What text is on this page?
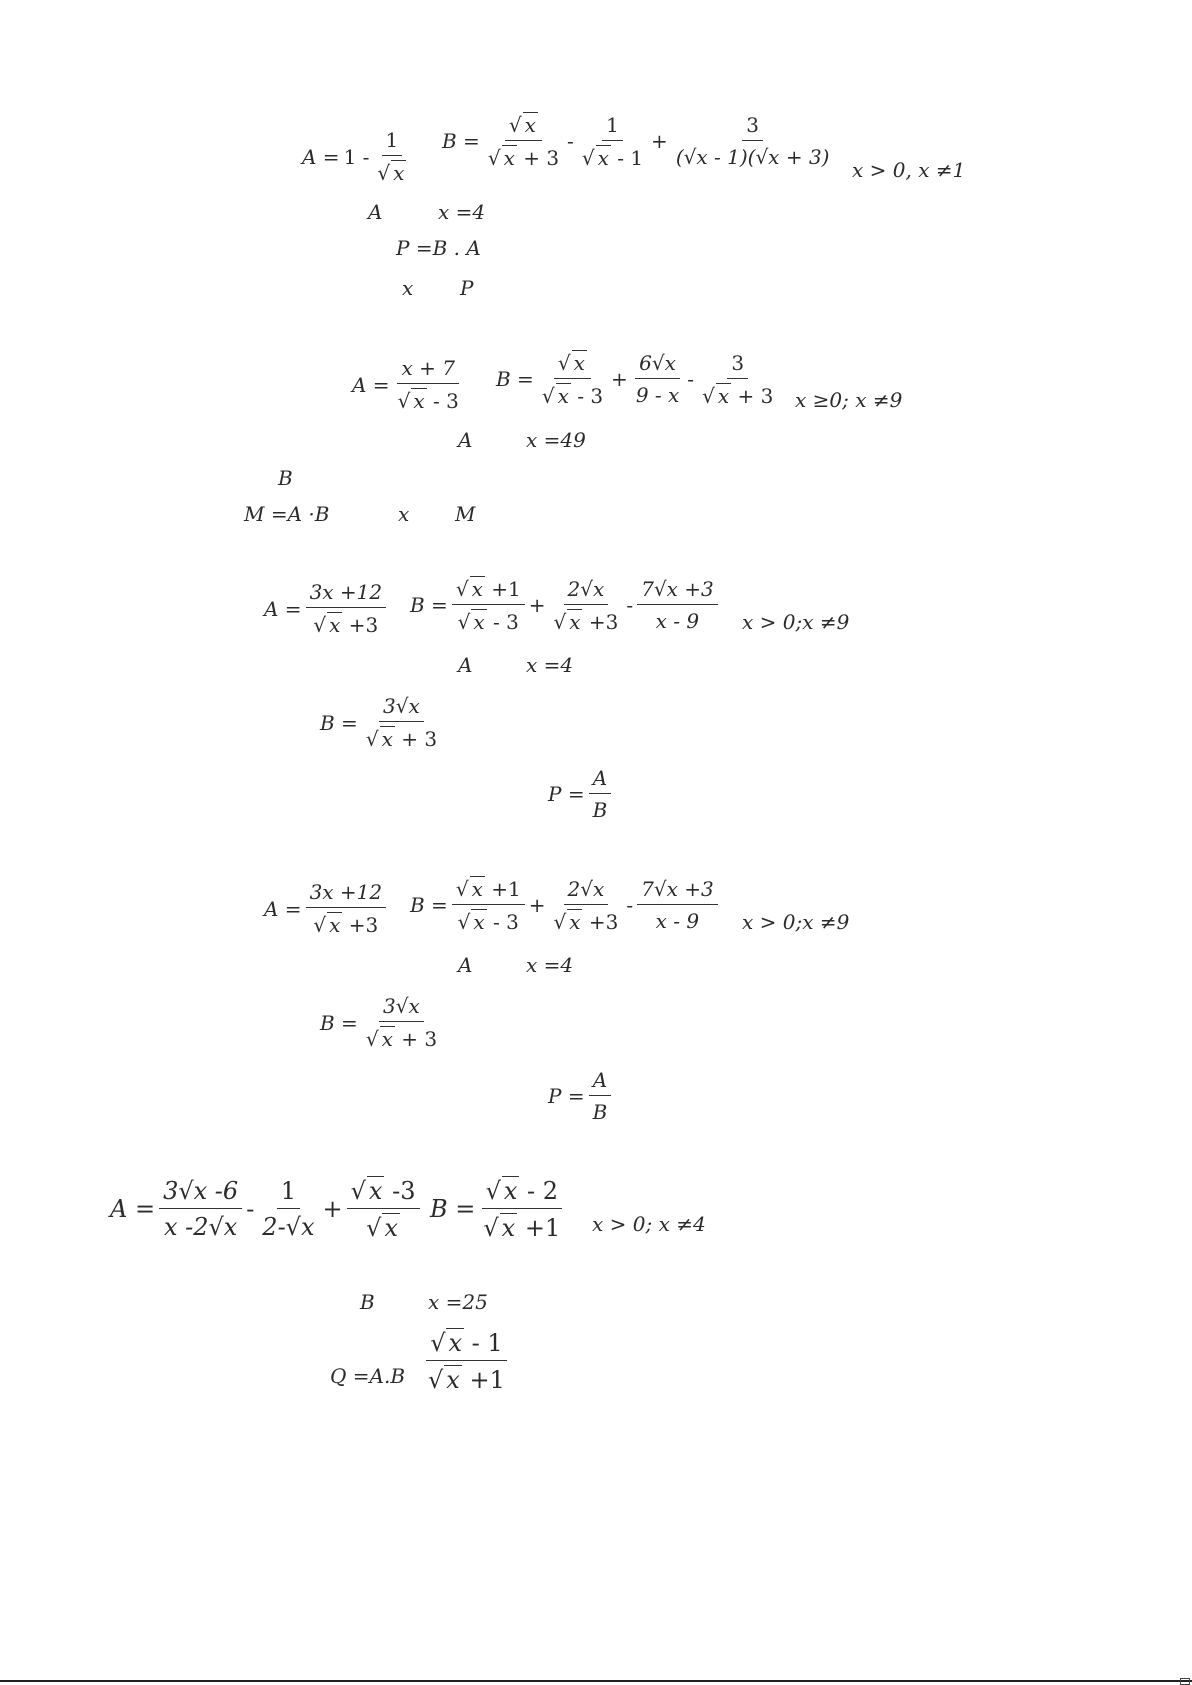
$A = 1 - \frac{1}{√ x}$ $B = \frac{√ x}{√ x + 3} - \frac{1}{√ x - 1} + \frac{3}{(√x - 1)(√x + 3)}$
x > 0, x ≠1
A	x =4
P =B . A
x P
$A = \frac{x + 7}{√ x - 3}$ $B = \frac{√ x}{√ x - 3} + \frac{6√x}{9 - x} - \frac{3}{√ x + 3}$ x ≥0; x ≠9
A	x =49
B
M =A ·B	x M
$A = \frac{3x +12}{√ x +3}$ $B = \frac{√ x +1}{√ x - 3} + \frac{2√x}{√ x +3} - \frac{7√x +3}{x - 9}$ x > 0;x ≠9
A	x =4
$B = \frac{3√x}{√ x + 3}$
$P = \frac{A}{B}$
$A = \frac{3x +12}{√ x +3}$ $B = \frac{√ x +1}{√ x - 3} + \frac{2√x}{√ x +3} - \frac{7√x +3}{x - 9}$ x > 0;x ≠9
A	x =4
$B = \frac{3√x}{√ x + 3}$
$P = \frac{A}{B}$
$A = \frac{3√x -6}{x -2√x} - \frac{1}{2-√x} + \frac{√ x -3}{√ x}$ $B = \frac{√ x - 2}{√ x +1}$ x > 0; x ≠4
B	x =25
$Q =A.B \frac{√ x - 1}{√ x +1}$
